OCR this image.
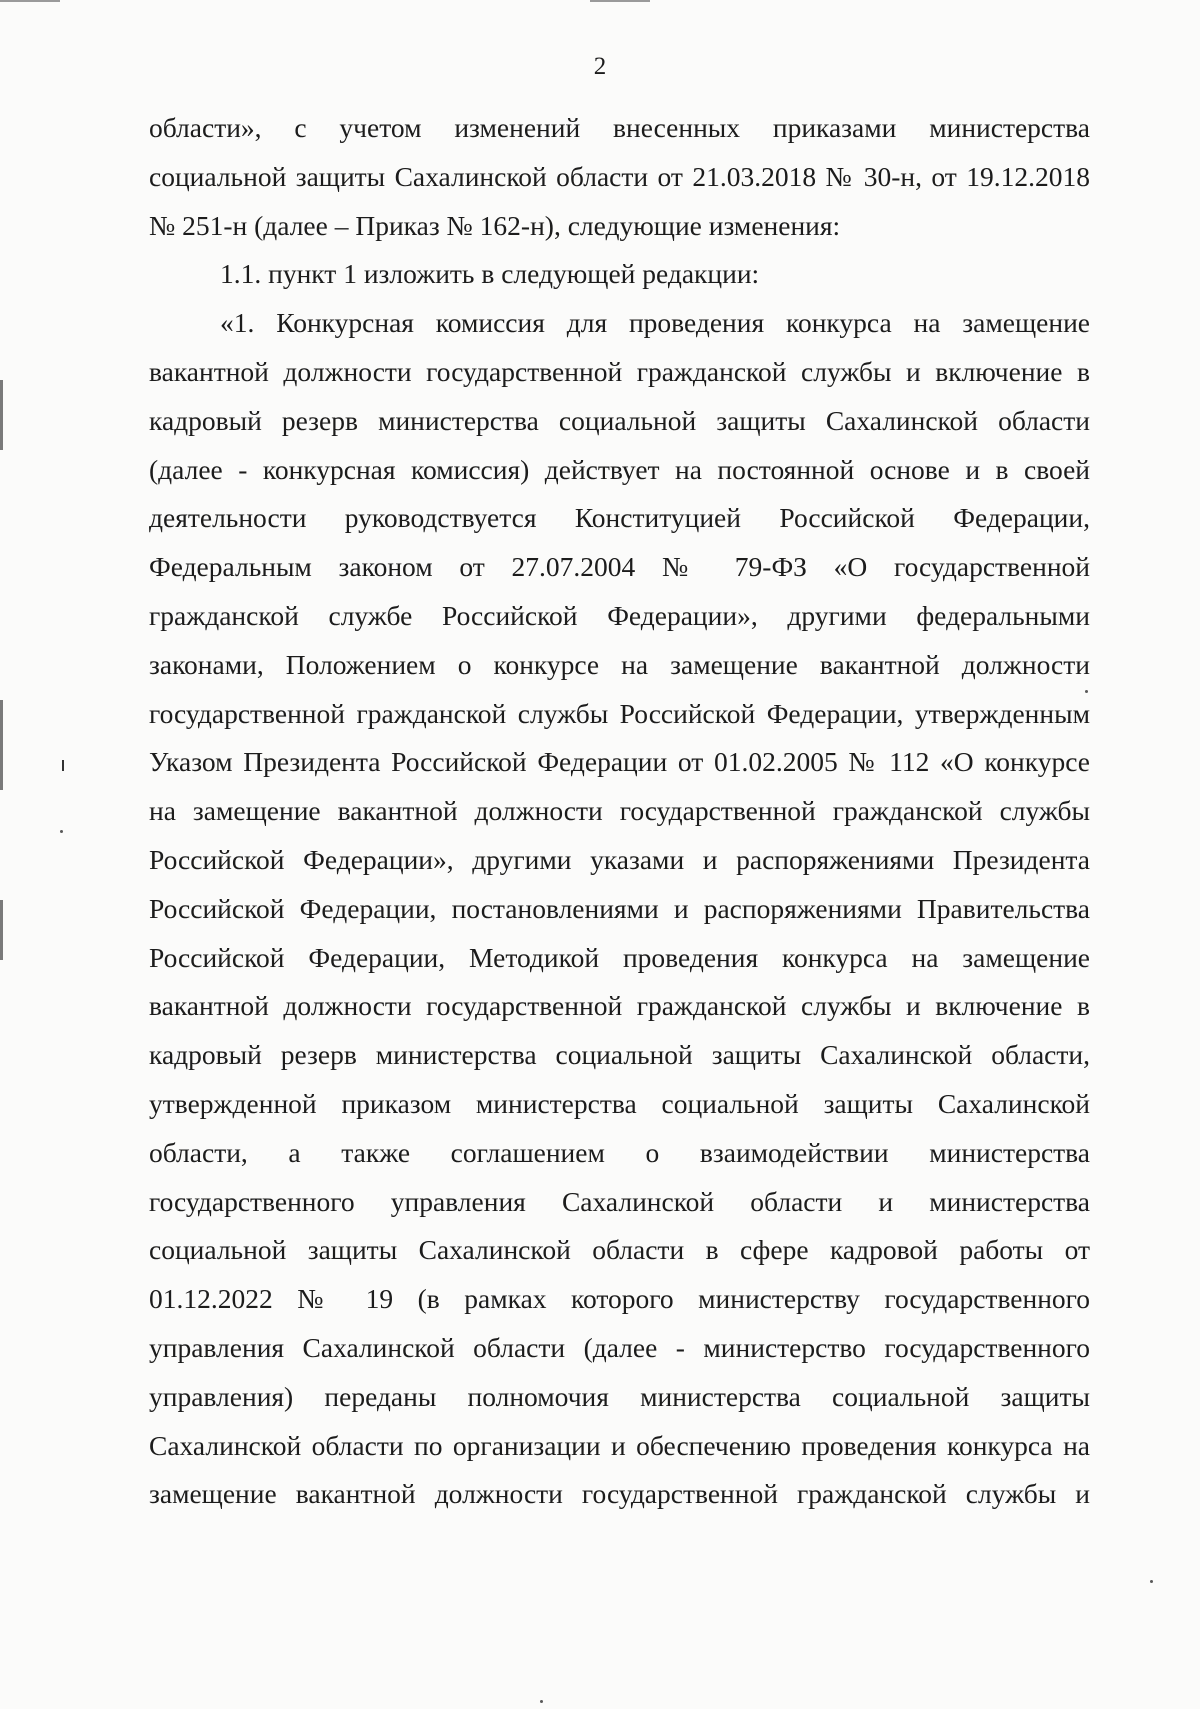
2
области», с учетом изменений внесенных приказами министерства
социальной защиты Сахалинской области от 21.03.2018 № 30-н, от 19.12.2018
№ 251-н (далее – Приказ № 162-н), следующие изменения:
1.1. пункт 1 изложить в следующей редакции:
«1. Конкурсная комиссия для проведения конкурса на замещение
вакантной должности государственной гражданской службы и включение в
кадровый резерв министерства социальной защиты Сахалинской области
(далее - конкурсная комиссия) действует на постоянной основе и в своей
деятельности руководствуется Конституцией Российской Федерации,
Федеральным законом от 27.07.2004 № 79-ФЗ «О государственной
гражданской службе Российской Федерации», другими федеральными
законами, Положением о конкурсе на замещение вакантной должности
государственной гражданской службы Российской Федерации, утвержденным
Указом Президента Российской Федерации от 01.02.2005 № 112 «О конкурсе
на замещение вакантной должности государственной гражданской службы
Российской Федерации», другими указами и распоряжениями Президента
Российской Федерации, постановлениями и распоряжениями Правительства
Российской Федерации, Методикой проведения конкурса на замещение
вакантной должности государственной гражданской службы и включение в
кадровый резерв министерства социальной защиты Сахалинской области,
утвержденной приказом министерства социальной защиты Сахалинской
области, а также соглашением о взаимодействии министерства
государственного управления Сахалинской области и министерства
социальной защиты Сахалинской области в сфере кадровой работы от
01.12.2022 № 19 (в рамках которого министерству государственного
управления Сахалинской области (далее - министерство государственного
управления) переданы полномочия министерства социальной защиты
Сахалинской области по организации и обеспечению проведения конкурса на
замещение вакантной должности государственной гражданской службы и
